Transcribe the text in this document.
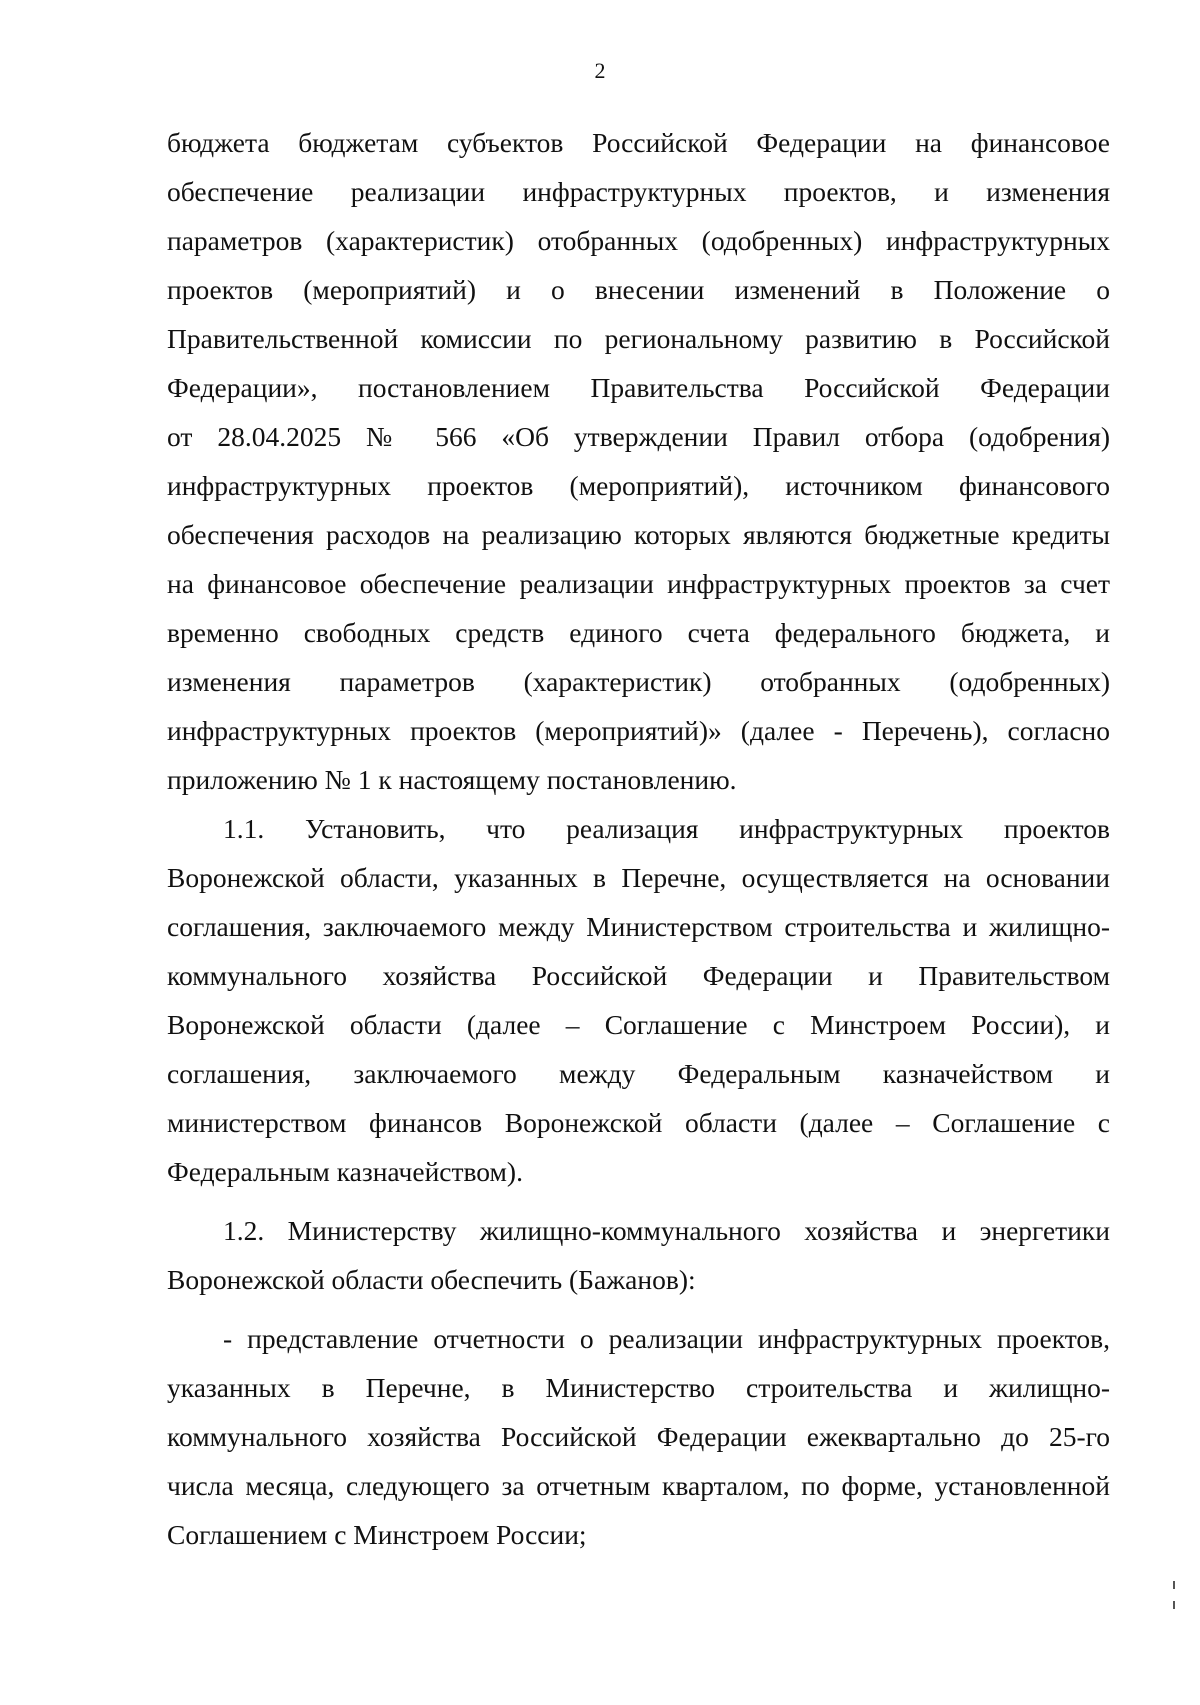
2
бюджета бюджетам субъектов Российской Федерации на финансовое
обеспечение реализации инфраструктурных проектов, и изменения
параметров (характеристик) отобранных (одобренных) инфраструктурных
проектов (мероприятий) и о внесении изменений в Положение о
Правительственной комиссии по региональному развитию в Российской
Федерации», постановлением Правительства Российской Федерации
от 28.04.2025 № 566 «Об утверждении Правил отбора (одобрения)
инфраструктурных проектов (мероприятий), источником финансового
обеспечения расходов на реализацию которых являются бюджетные кредиты
на финансовое обеспечение реализации инфраструктурных проектов за счет
временно свободных средств единого счета федерального бюджета, и
изменения параметров (характеристик) отобранных (одобренных)
инфраструктурных проектов (мероприятий)» (далее - Перечень), согласно
приложению № 1 к настоящему постановлению.
1.1. Установить, что реализация инфраструктурных проектов
Воронежской области, указанных в Перечне, осуществляется на основании
соглашения, заключаемого между Министерством строительства и жилищно-
коммунального хозяйства Российской Федерации и Правительством
Воронежской области (далее – Соглашение с Минстроем России), и
соглашения, заключаемого между Федеральным казначейством и
министерством финансов Воронежской области (далее – Соглашение с
Федеральным казначейством).
1.2. Министерству жилищно-коммунального хозяйства и энергетики
Воронежской области обеспечить (Бажанов):
- представление отчетности о реализации инфраструктурных проектов,
указанных в Перечне, в Министерство строительства и жилищно-
коммунального хозяйства Российской Федерации ежеквартально до 25-го
числа месяца, следующего за отчетным кварталом, по форме, установленной
Соглашением с Минстроем России;
